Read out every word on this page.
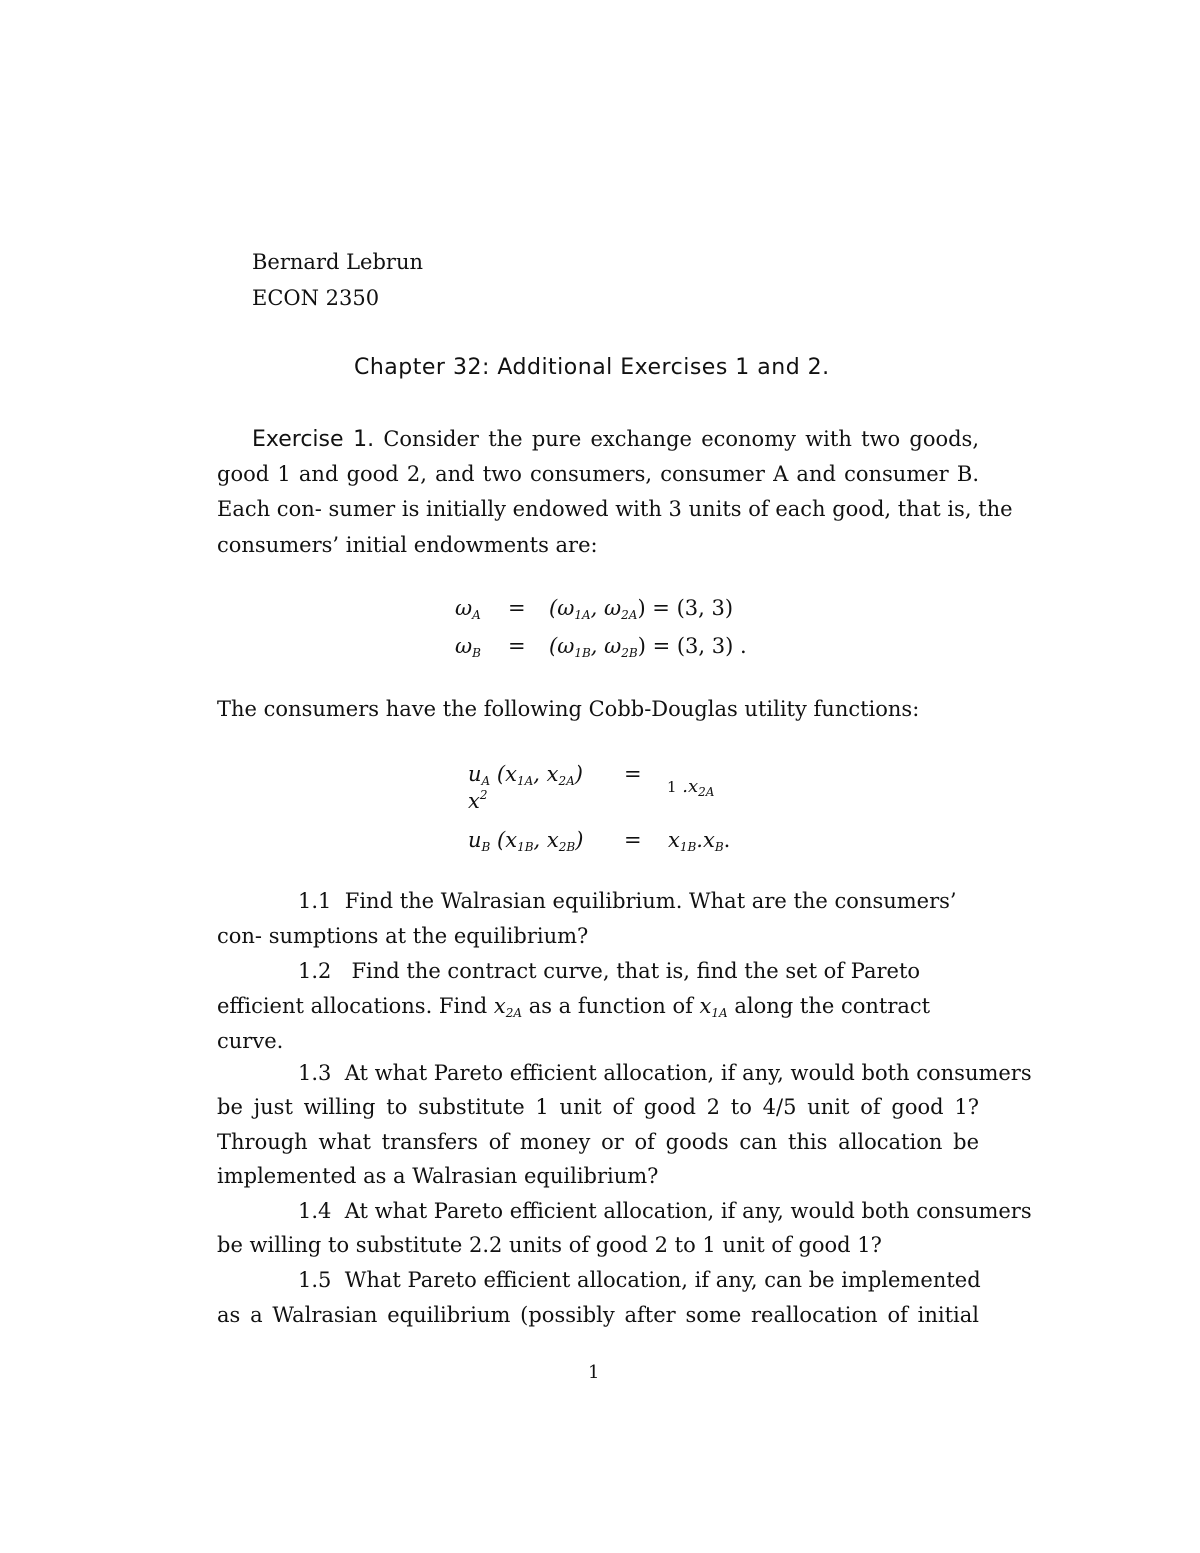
Bernard Lebrun
ECON 2350
Chapter 32: Additional Exercises 1 and 2.
Exercise 1. Consider the pure exchange economy with two goods,
good 1 and good 2, and two consumers, consumer A and consumer B.
Each con- sumer is initially endowed with 3 units of each good, that is, the
consumers’ initial endowments are:
$\omega_A = (\omega_{1A}$, $\omega_{2A}) = (3$, 3)
$\omega_B = (\omega_{1B}$, $\omega_{2B}) = (3$, 3) .
The consumers have the following Cobb-Douglas utility functions:
$u_A$ ($x_{1A}$, $x_{2A}$) =
$x^2$	1 $.x_{2A}$
$u_B$ ($x_{1B}$, $x_{2B}) = x_{1B}.x_B$.
1.1 Find the Walrasian equilibrium. What are the consumers’
con- sumptions at the equilibrium?
1.2 Find the contract curve, that is, find the set of Pareto
efficient allocations. Find $x_{2A}$ as a function of $x_{1A}$ along the contract
curve.
1.3 At what Pareto efficient allocation, if any, would both consumers
be just willing to substitute 1 unit of good 2 to 4/5 unit of good 1?
Through what transfers of money or of goods can this allocation be
implemented as a Walrasian equilibrium?
1.4 At what Pareto efficient allocation, if any, would both consumers
be willing to substitute 2.2 units of good 2 to 1 unit of good 1?
1.5 What Pareto efficient allocation, if any, can be implemented
as a Walrasian equilibrium (possibly after some reallocation of initial
1
